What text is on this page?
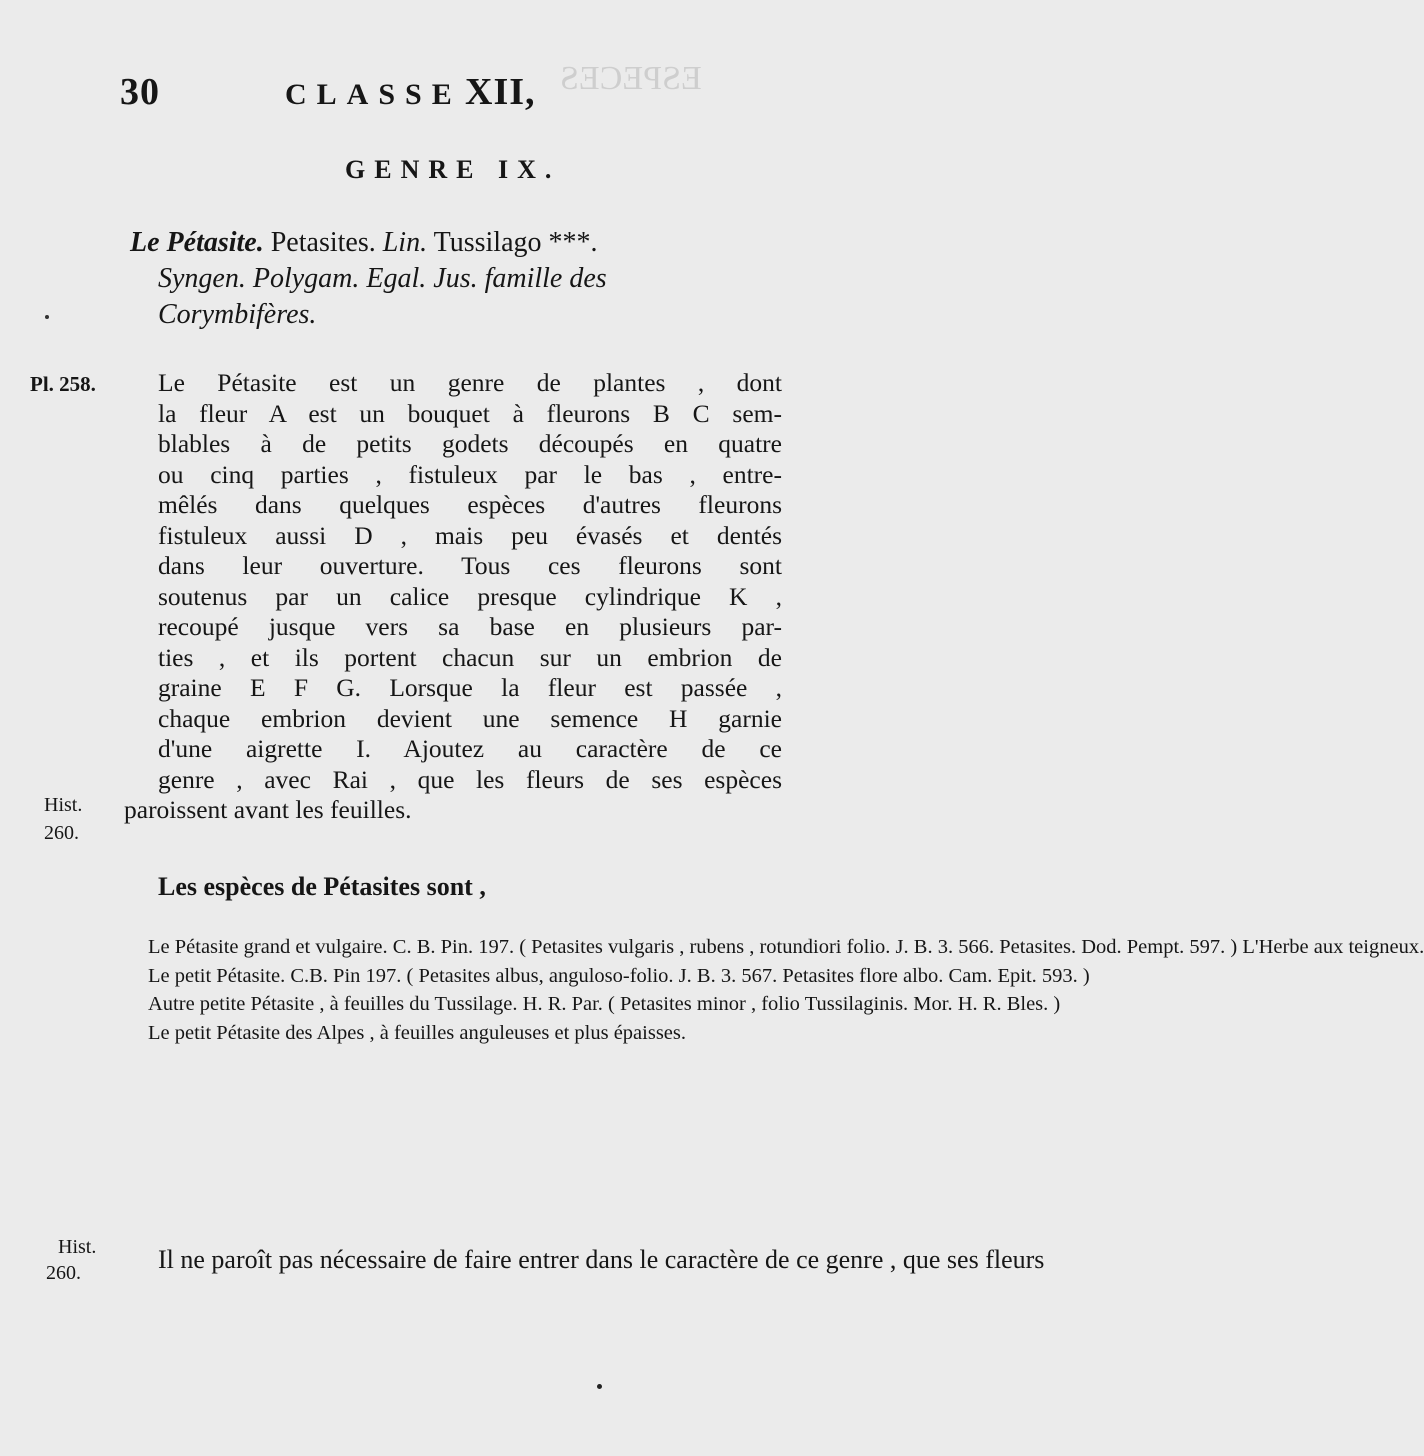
ESPECES
30	CLASSE XII,
GENRE IX.
Le Pétasite. Petasites. Lin. Tussilago ***.
Syngen. Polygam. Egal. Jus. famille des
Corymbifères.
Pl. 258.
Hist.
260.
Le Pétasite est un genre de plantes , dont
la fleur A est un bouquet à fleurons B C sem-
blables à de petits godets découpés en quatre
ou cinq parties , fistuleux par le bas , entre-
mêlés dans quelques espèces d'autres fleurons
fistuleux aussi D , mais peu évasés et dentés
dans leur ouverture. Tous ces fleurons sont
soutenus par un calice presque cylindrique K ,
recoupé jusque vers sa base en plusieurs par-
ties , et ils portent chacun sur un embrion de
graine E F G. Lorsque la fleur est passée ,
chaque embrion devient une semence H garnie
d'une aigrette I. Ajoutez au caractère de ce
genre , avec Rai , que les fleurs de ses espèces
paroissent avant les feuilles.
Les espèces de Pétasites sont ,

Le Pétasite grand et vulgaire. C. B. Pin. 197. ( Petasites vulgaris , rubens , rotundiori folio. J. B. 3. 566. Petasites. Dod. Pempt. 597. ) L'Herbe aux teigneux.

Le petit Pétasite. C.B. Pin 197. ( Petasites albus, anguloso-folio. J. B. 3. 567. Petasites flore albo. Cam. Epit. 593. )

Autre petite Pétasite , à feuilles du Tussilage. H. R. Par. ( Petasites minor , folio Tussilaginis. Mor. H. R. Bles. )

Le petit Pétasite des Alpes , à feuilles anguleuses et plus épaisses.

Hist.
260.	Il ne paroît pas nécessaire de faire entrer dans le caractère de ce genre , que ses fleurs
